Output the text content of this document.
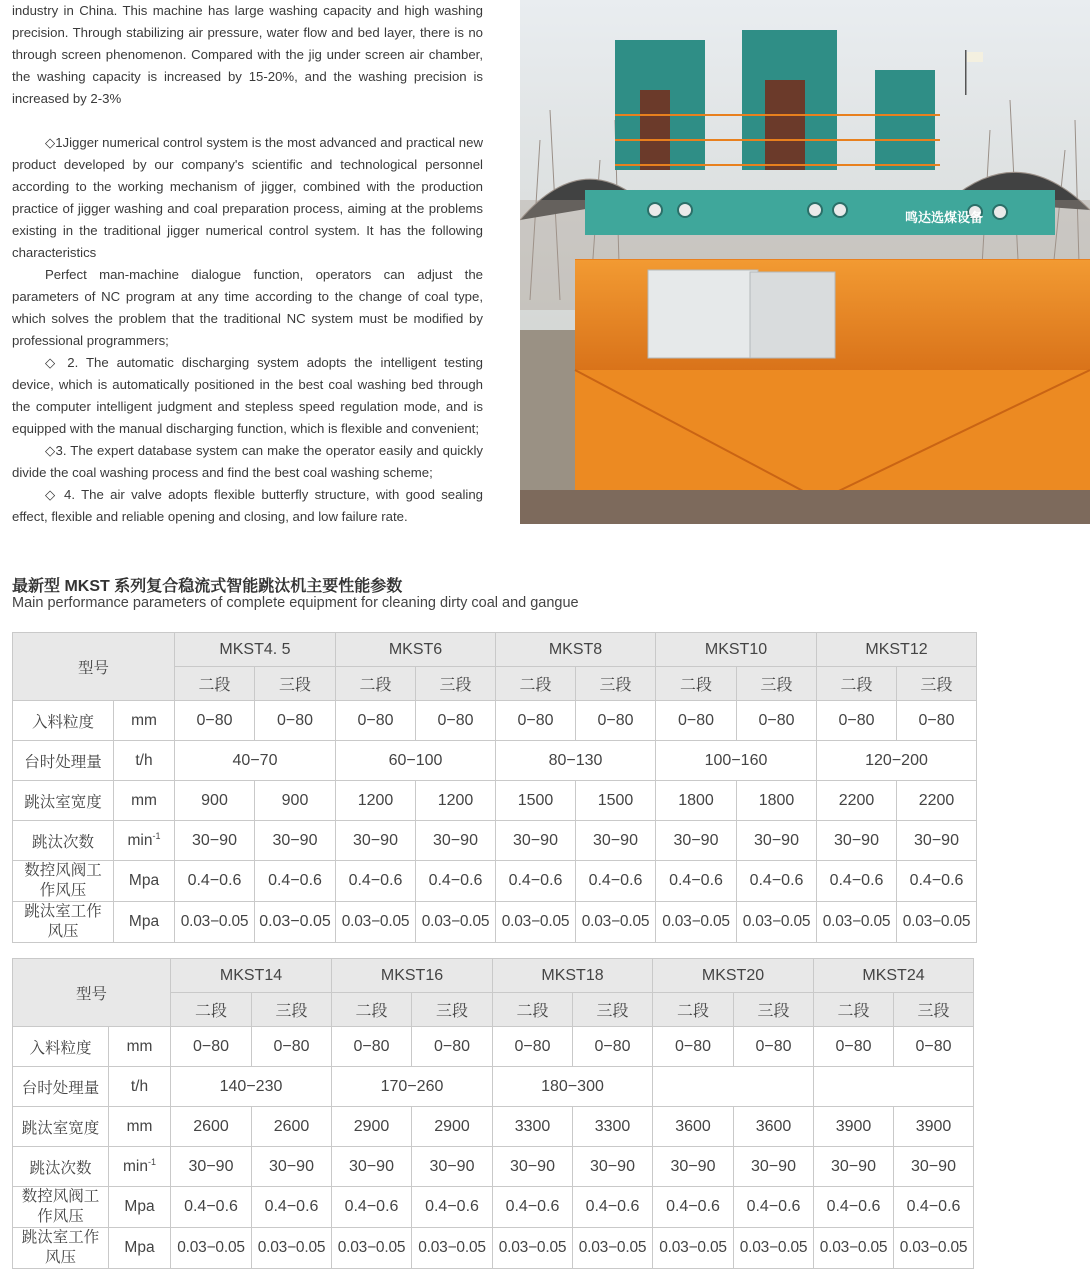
industry in China. This machine has large washing capacity and high washing precision. Through stabilizing air pressure, water flow and bed layer, there is no through screen phenomenon. Compared with the jig under screen air chamber, the washing capacity is increased by 15-20%, and the washing precision is increased by 2-3%

◇1Jigger numerical control system is the most advanced and practical new product developed by our company's scientific and technological personnel according to the working mechanism of jigger, combined with the production practice of jigger washing and coal preparation process, aiming at the problems existing in the traditional jigger numerical control system. It has the following characteristics

Perfect man-machine dialogue function, operators can adjust the parameters of NC program at any time according to the change of coal type, which solves the problem that the traditional NC system must be modified by professional programmers;

◇ 2. The automatic discharging system adopts the intelligent testing device, which is automatically positioned in the best coal washing bed through the computer intelligent judgment and stepless speed regulation mode, and is equipped with the manual discharging function, which is flexible and convenient;

◇3. The expert database system can make the operator easily and quickly divide the coal washing process and find the best coal washing scheme;

◇ 4. The air valve adopts flexible butterfly structure, with good sealing effect, flexible and reliable opening and closing, and low failure rate.

鸣达选煤设备
最新型 MKST 系列复合稳流式智能跳汰机主要性能参数
Main performance parameters of complete equipment for cleaning dirty coal and gangue
型号		MKST4. 5		MKST6		MKST8		MKST10		MKST12	
		二段	三段	二段	三段	二段	三段	二段	三段	二段	三段
入料粒度	mm	0−80	0−80	0−80	0−80	0−80	0−80	0−80	0−80	0−80	0−80
台时处理量	t/h	40−70		60−100		80−130		100−160		120−200	
跳汰室宽度	mm	900	900	1200	1200	1500	1500	1800	1800	2200	2200
跳汰次数	$\min^{-1}$	30−90	30−90	30−90	30−90	30−90	30−90	30−90	30−90	30−90	30−90
数控风阀工作风压	Mpa	0.4−0.6	0.4−0.6	0.4−0.6	0.4−0.6	0.4−0.6	0.4−0.6	0.4−0.6	0.4−0.6	0.4−0.6	0.4−0.6
跳汰室工作风压	Mpa	0.03−0.05	0.03−0.05	0.03−0.05	0.03−0.05	0.03−0.05	0.03−0.05	0.03−0.05	0.03−0.05	0.03−0.05	0.03−0.05
型号		MKST14		MKST16		MKST18		MKST20		MKST24	
		二段	三段	二段	三段	二段	三段	二段	三段	二段	三段
入料粒度	mm	0−80	0−80	0−80	0−80	0−80	0−80	0−80	0−80	0−80	0−80
台时处理量	t/h	140−230		170−260		180−300					
跳汰室宽度	mm	2600	2600	2900	2900	3300	3300	3600	3600	3900	3900
跳汰次数	$\min^{-1}$	30−90	30−90	30−90	30−90	30−90	30−90	30−90	30−90	30−90	30−90
数控风阀工作风压	Mpa	0.4−0.6	0.4−0.6	0.4−0.6	0.4−0.6	0.4−0.6	0.4−0.6	0.4−0.6	0.4−0.6	0.4−0.6	0.4−0.6
跳汰室工作风压	Mpa	0.03−0.05	0.03−0.05	0.03−0.05	0.03−0.05	0.03−0.05	0.03−0.05	0.03−0.05	0.03−0.05	0.03−0.05	0.03−0.05
